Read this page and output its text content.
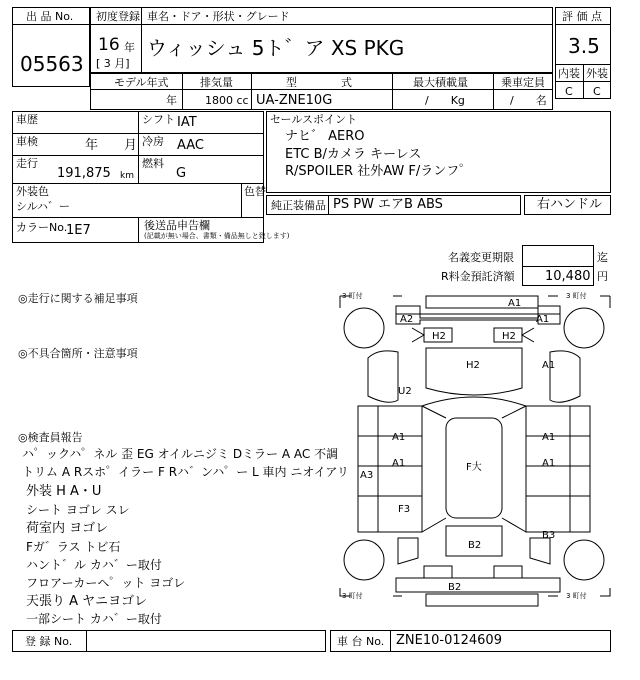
出 品 No.
05563
初度登録 車名・ドア・形状・グレード
16 年
[ 3 月]
ウィッシュ 5ト゛ア XS PKG
評 価 点
3.5
内装 外装
C C
モデル年式	排気量	型　　　　式	最大積載量	乗車定員
年	1800 cc UA-ZNE10G	/　　Kg	/　　名
車歴	シフト IAT
車検	年　　月 冷房 AAC
走行
191,875 km
燃料
G
外装色
シルハ゛ー
色替
カラーNo.
1E7	後送品申告欄
(記載が無い場合、書類・備品無しと致します)
セールスポイント
ナヒ゛ AERO
ETC B/カメラ キーレス
R/SPOILER 社外AW F/ランフ゜
純正装備品 PS PW エアB ABS	右ハンドル
名義変更期限	迄
R料金預託済額 10,480 円
◎走行に関する補足事項
◎不具合箇所・注意事項
◎検査員報告
ハ゜ックハ゜ネル 歪 EG オイルニジミ Dミラー A AC 不調
トリム A Rスホ゜イラー F Rハ゛ンハ゜ー L 車内 ニオイアリ
外装 H A・U
シート ヨゴレ スレ
荷室内 ヨゴレ
Fガ゛ラス トビ石
ハント゛ル カハ゛ー取付
フロアーカーヘ゜ット ヨゴレ
天張り A ヤニヨゴレ
一部シート カハ゛ー取付
3 町付	3 町付
3 町付	3 町付
A1
A2	A1
H2	H2
H2	A1
U2
A1
A1
A3
F大
A1
A1
F3
B3
B2
B2
登 録 No.	車 台 No. ZNE10-0124609
